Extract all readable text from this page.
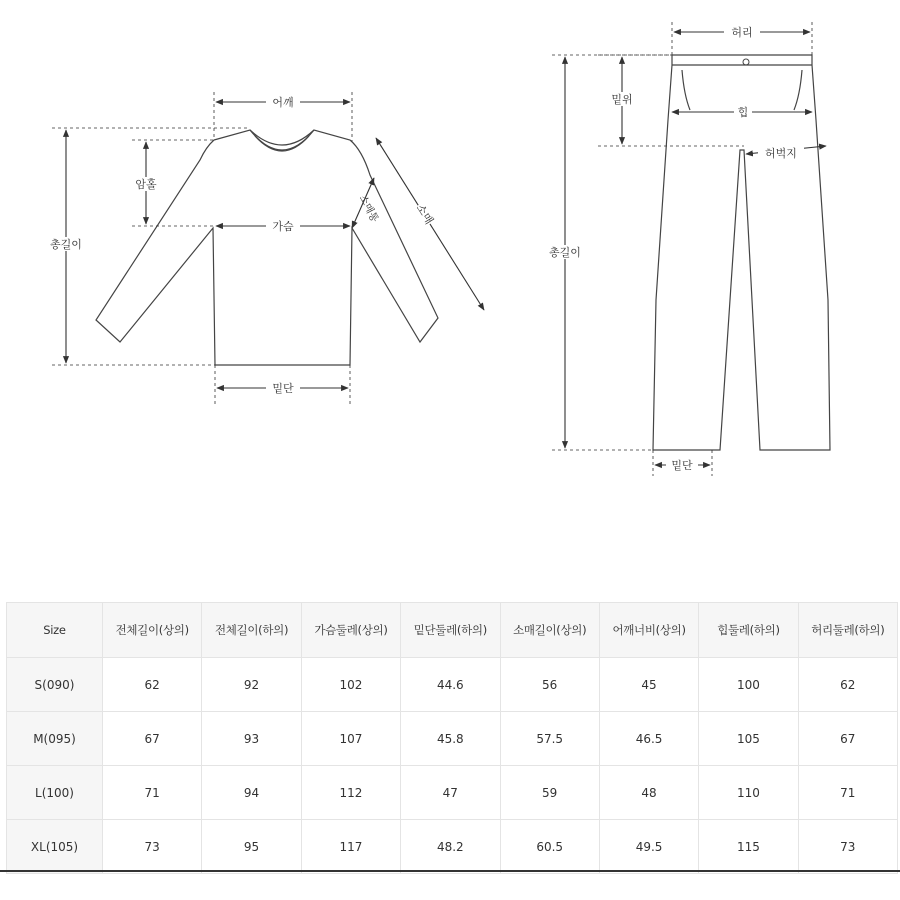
어깨
암홀
가슴
총길이
소매통	소매
밑단
허리
밑위
힙
허벅지
총길이
밑단
Size	전체길이(상의)	전체길이(하의)	가슴둘레(상의)	밑단둘레(하의)	소매길이(상의)	어깨너비(상의)	힙둘레(하의)	허리둘레(하의)
S(090)	62	92	102	44.6	56	45	100	62
M(095)	67	93	107	45.8	57.5	46.5	105	67
L(100)	71	94	112	47	59	48	110	71
XL(105)	73	95	117	48.2	60.5	49.5	115	73
